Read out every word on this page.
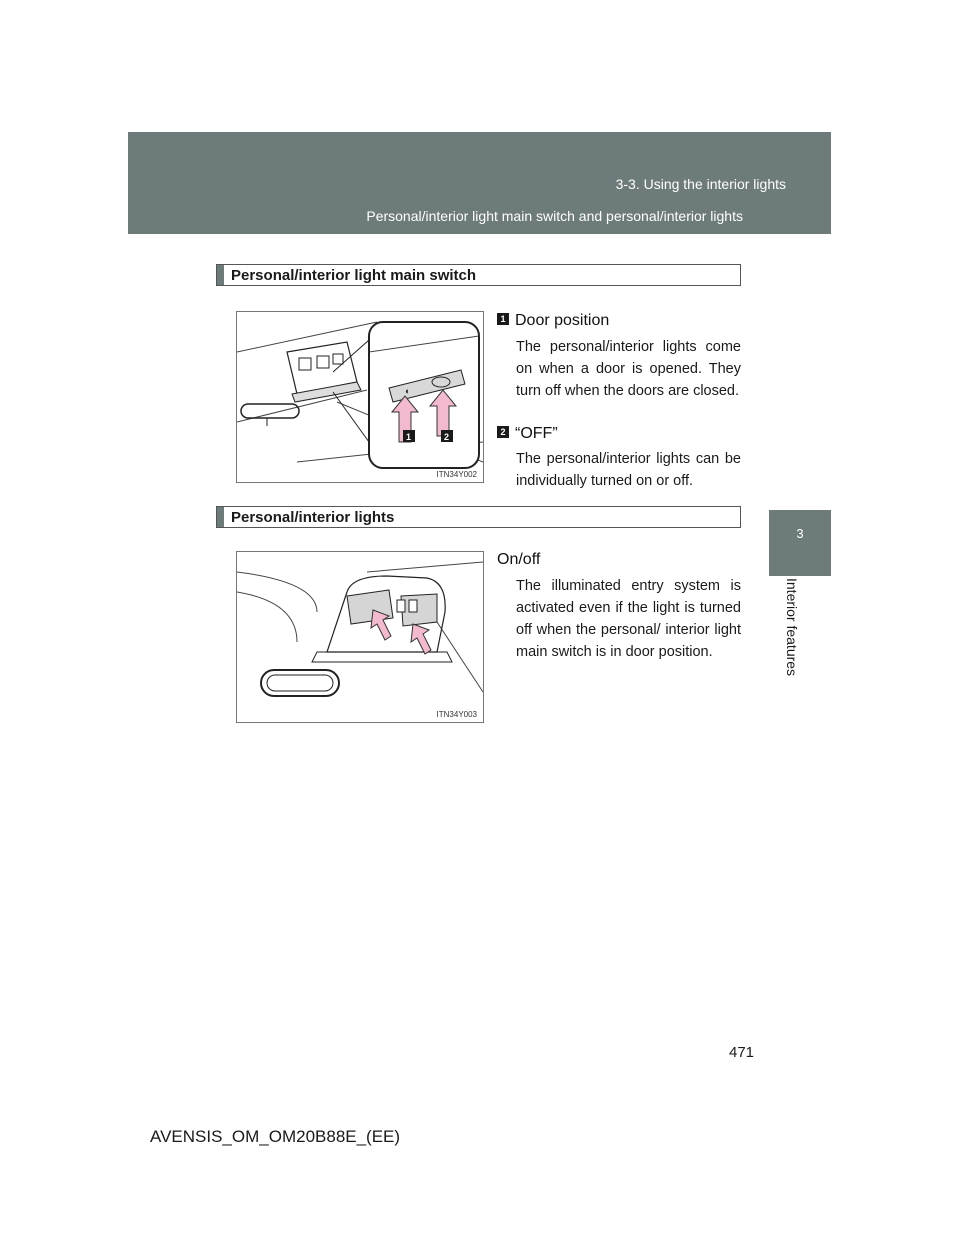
3-3. Using the interior lights
Personal/interior light main switch and personal/interior lights
3
Interior features
Personal/interior light main switch
◐
1	2
ITN34Y002
1 Door position
The personal/interior lights come on when a door is opened. They turn off when the doors are closed.
2 “OFF”
The personal/interior lights can be individually turned on or off.
Personal/interior lights
ITN34Y003
On/off
The illuminated entry system is activated even if the light is turned off when the personal/ interior light main switch is in door position.
471
AVENSIS_OM_OM20B88E_(EE)
